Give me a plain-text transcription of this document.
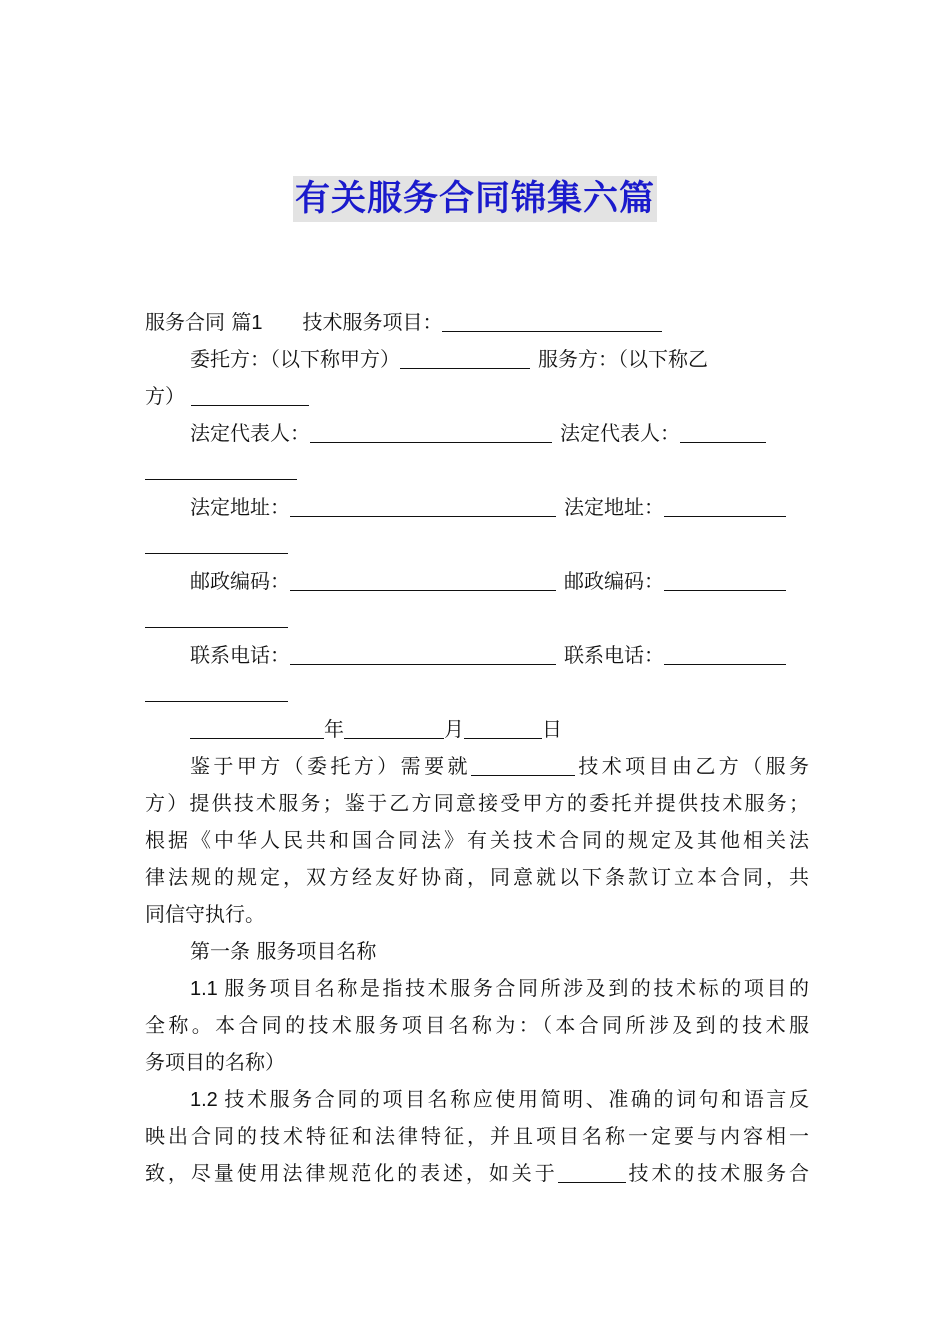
有关服务合同锦集六篇
服务合同 篇1 技术服务项目：
委托方：（以下称甲方）	服务方：（以下称乙
方）
法定代表人：	法定代表人：
法定地址：	法定地址：
邮政编码：	邮政编码：
联系电话：	联系电话：
年	月	日
鉴于甲方（委托方）需要就	技术项目由乙方（服务
方）提供技术服务；鉴于乙方同意接受甲方的委托并提供技术服务；
根据《中华人民共和国合同法》有关技术合同的规定及其他相关法
律法规的规定，双方经友好协商，同意就以下条款订立本合同，共
同信守执行。
第一条 服务项目名称
1.1 服务项目名称是指技术服务合同所涉及到的技术标的项目的
全称。本合同的技术服务项目名称为：（本合同所涉及到的技术服
务项目的名称）
1.2 技术服务合同的项目名称应使用简明、准确的词句和语言反
映出合同的技术特征和法律特征，并且项目名称一定要与内容相一
致，尽量使用法律规范化的表述，如关于	技术的技术服务合
